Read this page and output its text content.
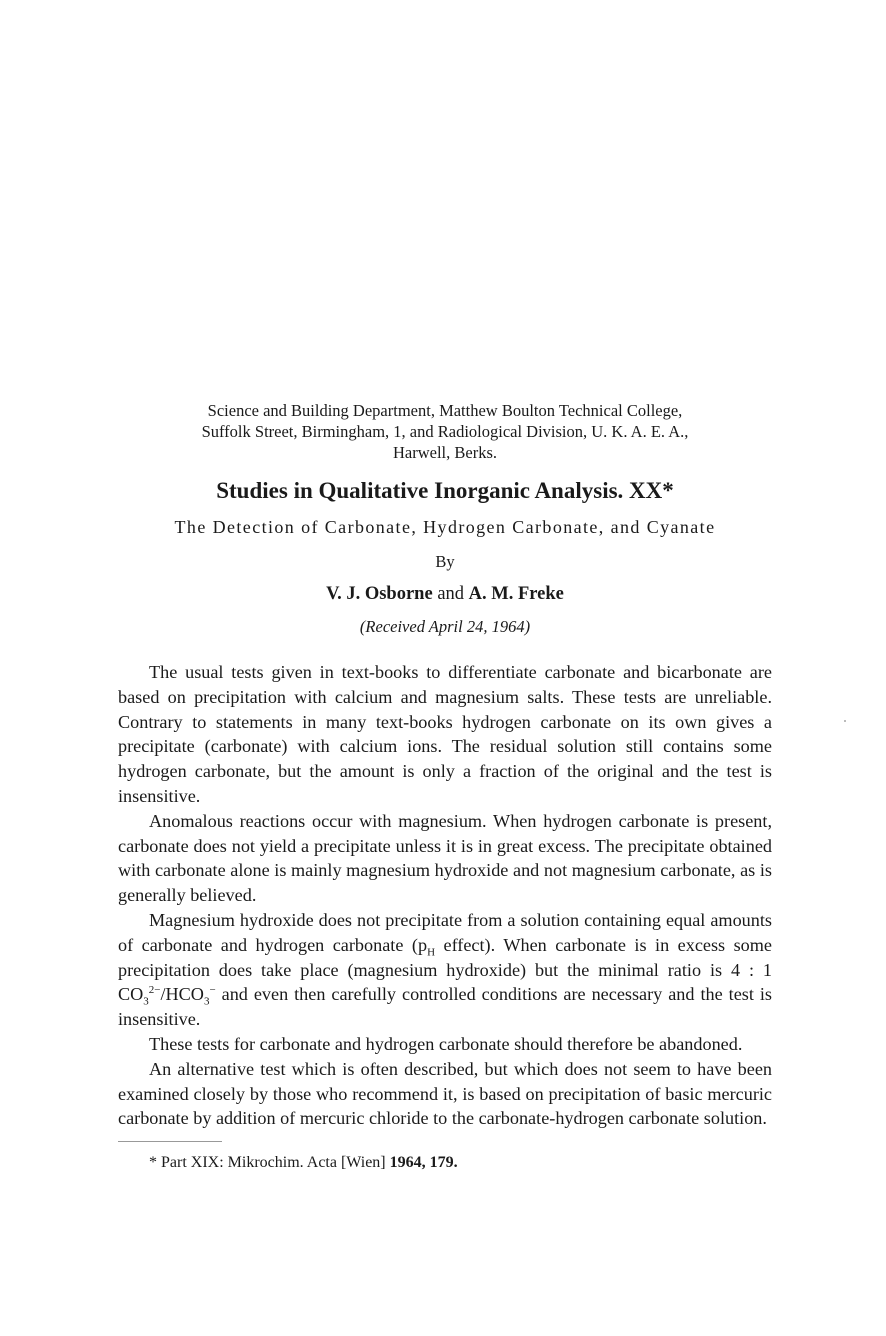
Science and Building Department, Matthew Boulton Technical College,
Suffolk Street, Birmingham, 1, and Radiological Division, U. K. A. E. A.,
Harwell, Berks.
Studies in Qualitative Inorganic Analysis. XX*
The Detection of Carbonate, Hydrogen Carbonate, and Cyanate
By
V. J. Osborne and A. M. Freke
(Received April 24, 1964)

The usual tests given in text-books to differentiate carbonate and bicarbonate are based on precipitation with calcium and magnesium salts. These tests are unreliable. Contrary to statements in many text-books hydrogen carbonate on its own gives a precipitate (carbonate) with calcium ions. The residual solution still contains some hydrogen carbonate, but the amount is only a fraction of the original and the test is insensitive.

Anomalous reactions occur with magnesium. When hydrogen carbonate is present, carbonate does not yield a precipitate unless it is in great excess. The precipitate obtained with carbonate alone is mainly magnesium hydroxide and not magnesium carbonate, as is generally believed.

Magnesium hydroxide does not precipitate from a solution containing equal amounts of carbonate and hydrogen carbonate ($p_H$ effect). When carbonate is in excess some precipitation does take place (magnesium hydroxide) but the minimal ratio is 4 : 1 $CO_3^{2-}/HCO_3^-$ and even then carefully controlled conditions are necessary and the test is insensitive.

These tests for carbonate and hydrogen carbonate should therefore be abandoned.

An alternative test which is often described, but which does not seem to have been examined closely by those who recommend it, is based on precipitation of basic mercuric carbonate by addition of mercuric chloride to the carbonate-hydrogen carbonate solution.

* Part XIX: Mikrochim. Acta [Wien] 1964, 179.
